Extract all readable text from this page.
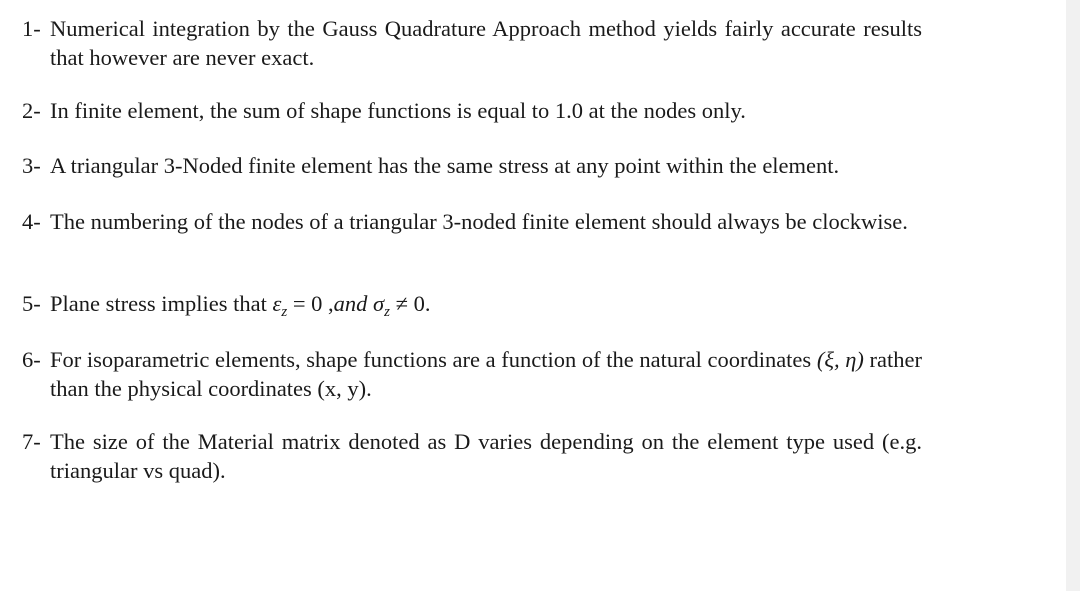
1- Numerical integration by the Gauss Quadrature Approach method yields fairly accurate results that however are never exact.
2- In finite element, the sum of shape functions is equal to 1.0 at the nodes only.
3- A triangular 3-Noded finite element has the same stress at any point within the element.
4- The numbering of the nodes of a triangular 3-noded finite element should always be clockwise.
5- Plane stress implies that $\varepsilon_z = 0$ ,and $\sigma_z \ne 0$.
6- For isoparametric elements, shape functions are a function of the natural coordinates (ξ, η) rather than the physical coordinates (x, y).
7- The size of the Material matrix denoted as D varies depending on the element type used (e.g. triangular vs quad).
